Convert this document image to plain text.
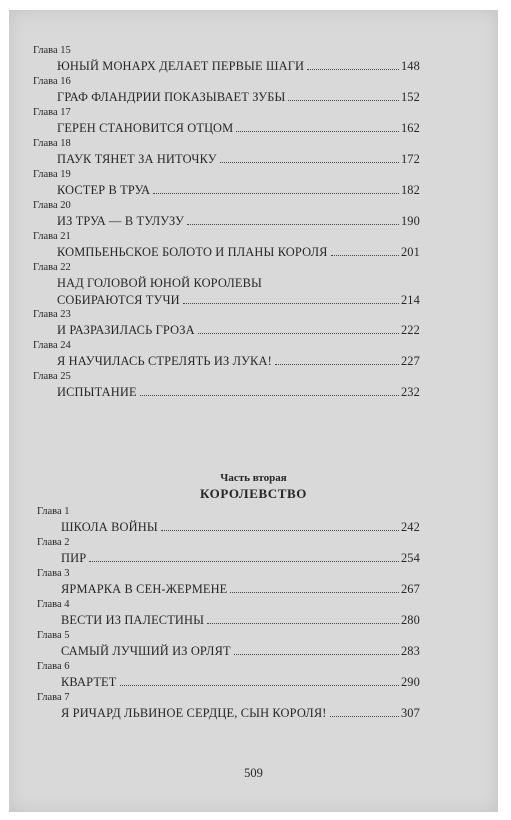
Глава 15
ЮНЫЙ МОНАРХ ДЕЛАЕТ ПЕРВЫЕ ШАГИ	148
Глава 16
ГРАФ ФЛАНДРИИ ПОКАЗЫВАЕТ ЗУБЫ	152
Глава 17
ГЕРЕН СТАНОВИТСЯ ОТЦОМ	162
Глава 18
ПАУК ТЯНЕТ ЗА НИТОЧКУ	172
Глава 19
КОСТЕР В ТРУА	182
Глава 20
ИЗ ТРУА — В ТУЛУЗУ	190
Глава 21
КОМПЬЕНЬСКОЕ БОЛОТО И ПЛАНЫ КОРОЛЯ	201
Глава 22
НАД ГОЛОВОЙ ЮНОЙ КОРОЛЕВЫ
СОБИРАЮТСЯ ТУЧИ	214
Глава 23
И РАЗРАЗИЛАСЬ ГРОЗА	222
Глава 24
Я НАУЧИЛАСЬ СТРЕЛЯТЬ ИЗ ЛУКА!	227
Глава 25
ИСПЫТАНИЕ	232
Часть вторая
КОРОЛЕВСТВО
Глава 1
ШКОЛА ВОЙНЫ	242
Глава 2
ПИР	254
Глава 3
ЯРМАРКА В СЕН-ЖЕРМЕНЕ	267
Глава 4
ВЕСТИ ИЗ ПАЛЕСТИНЫ	280
Глава 5
САМЫЙ ЛУЧШИЙ ИЗ ОРЛЯТ	283
Глава 6
КВАРТЕТ	290
Глава 7
Я РИЧАРД ЛЬВИНОЕ СЕРДЦЕ, СЫН КОРОЛЯ!	307
509
